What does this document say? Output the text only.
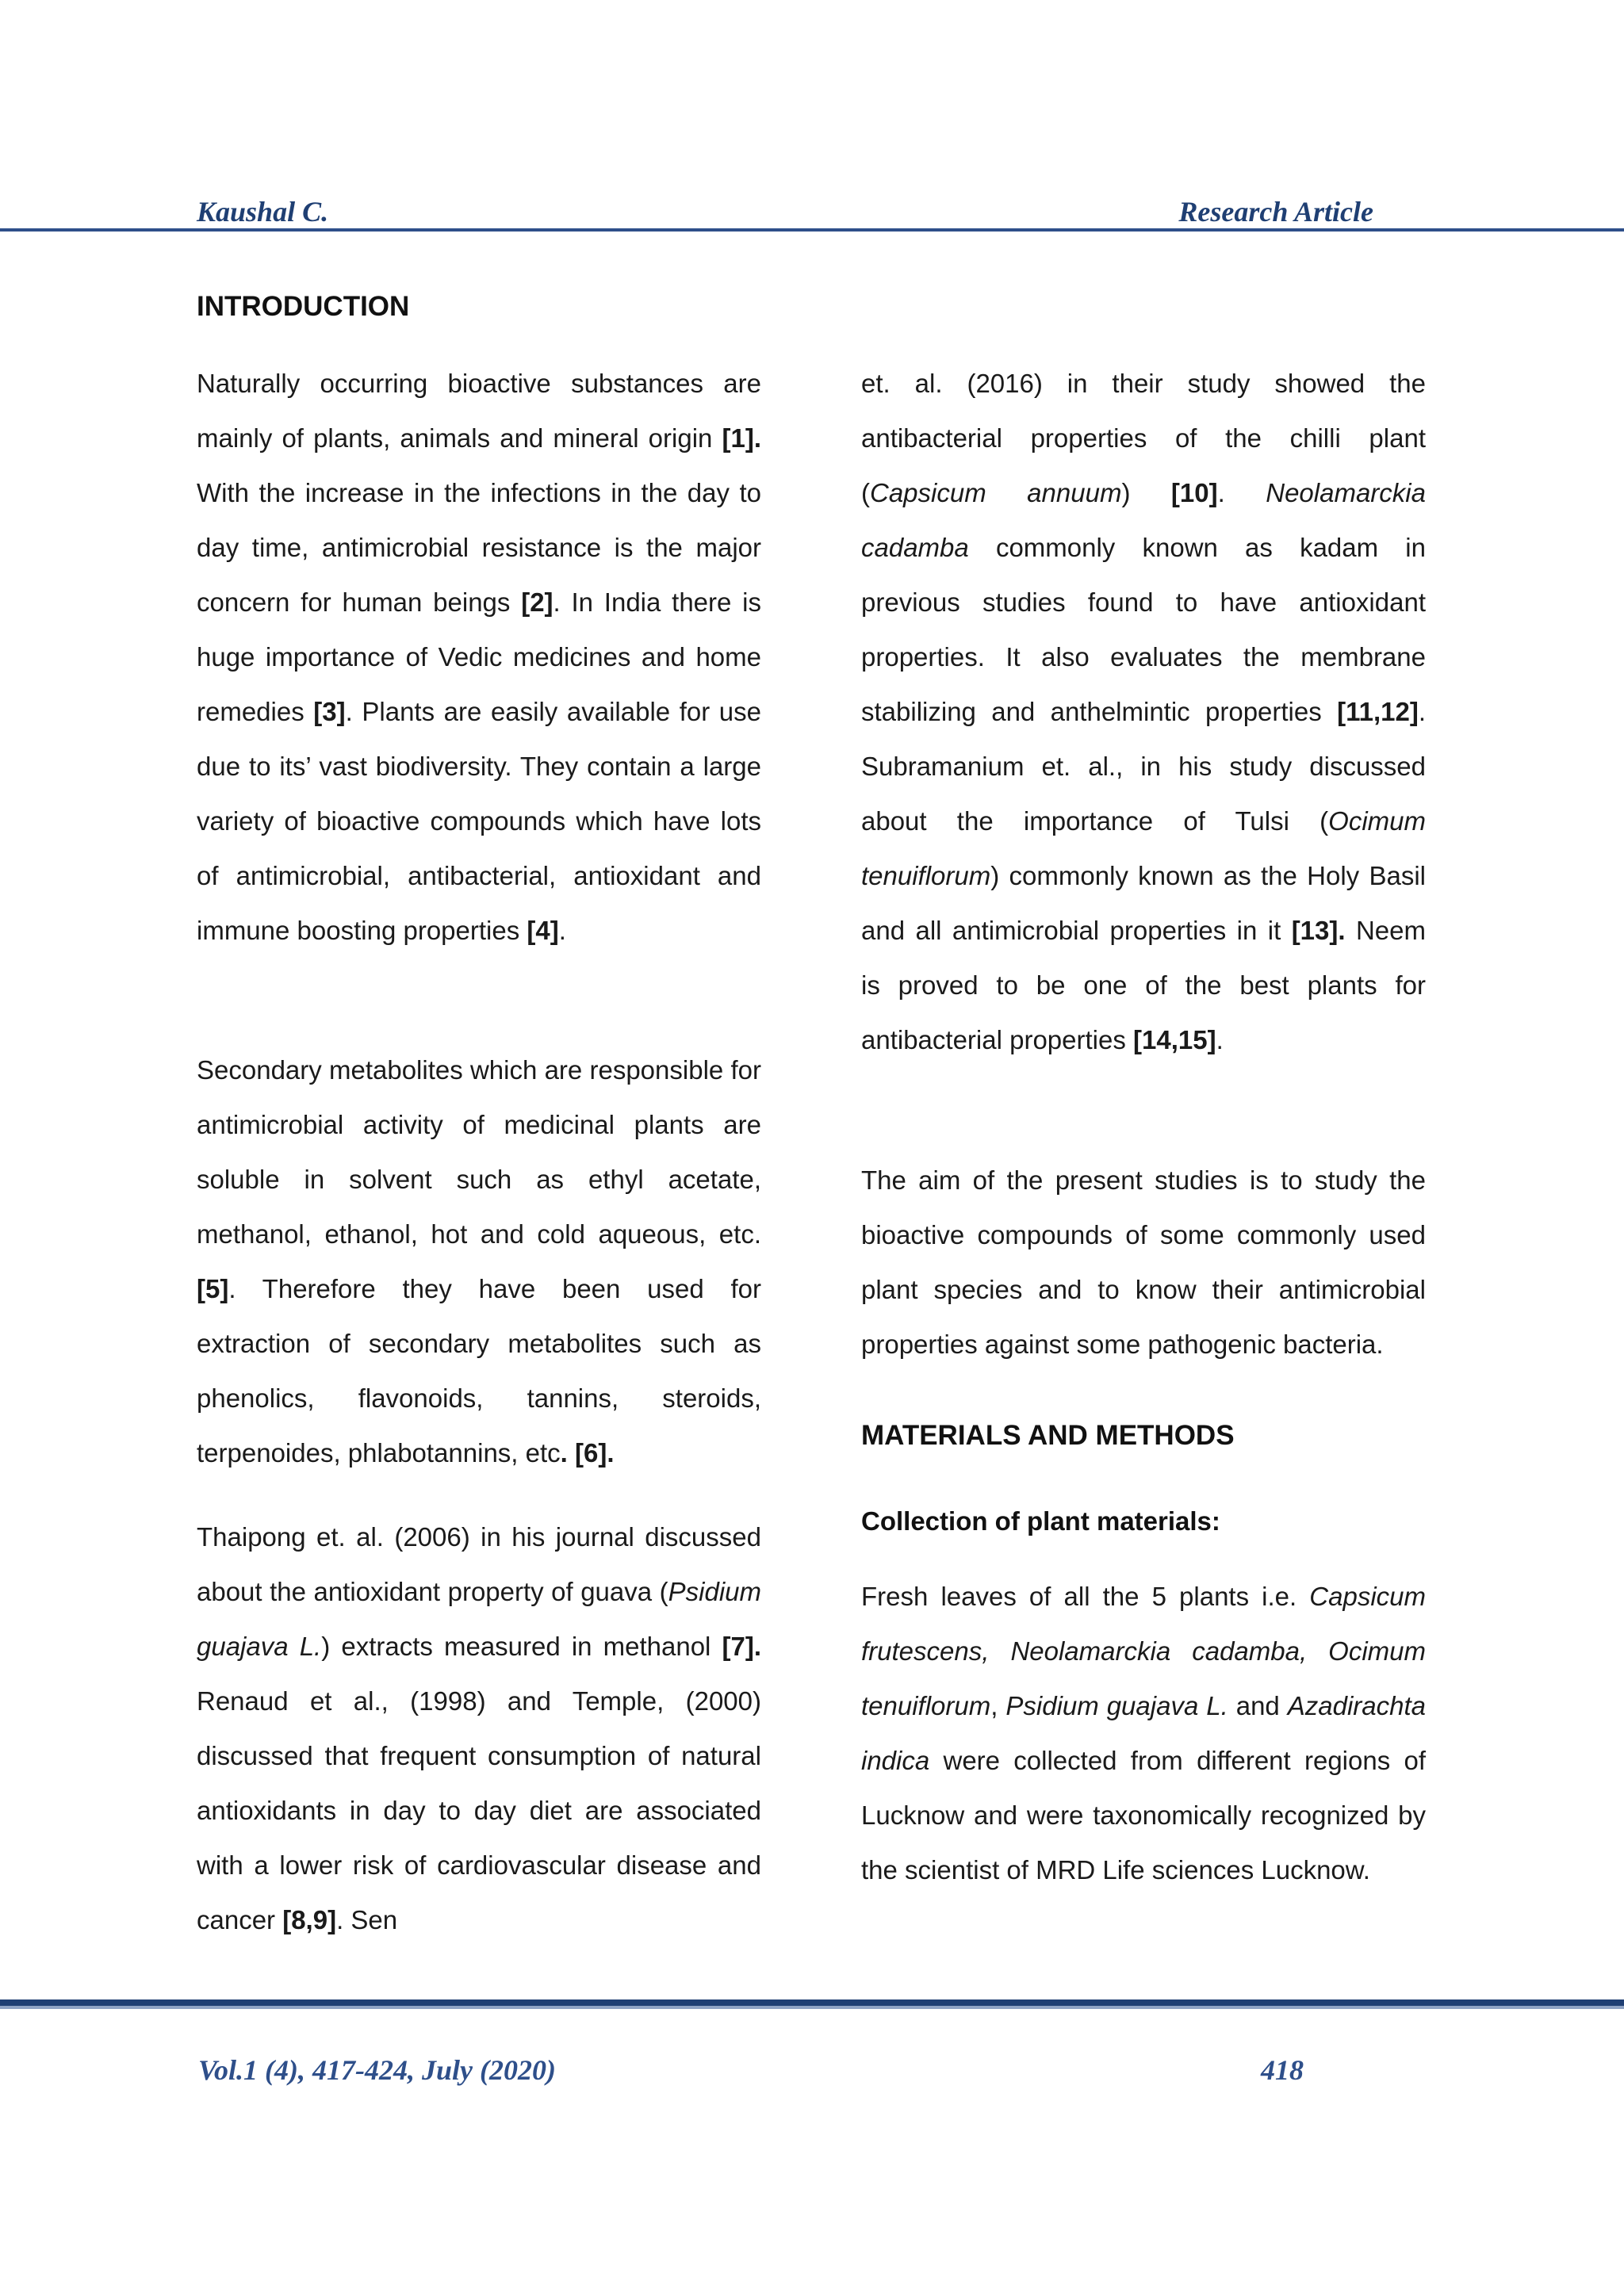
Kaushal C.	Research Article
INTRODUCTION

Naturally occurring bioactive substances are mainly of plants, animals and mineral origin [1]. With the increase in the infections in the day to day time, antimicrobial resistance is the major concern for human beings [2]. In India there is huge importance of Vedic medicines and home remedies [3]. Plants are easily available for use due to its’ vast biodiversity. They contain a large variety of bioactive compounds which have lots of antimicrobial, antibacterial, antioxidant and immune boosting properties [4].

Secondary metabolites which are responsible for antimicrobial activity of medicinal plants are soluble in solvent such as ethyl acetate, methanol, ethanol, hot and cold aqueous, etc. [5]. Therefore they have been used for extraction of secondary metabolites such as phenolics, flavonoids, tannins, steroids, terpenoides, phlabotannins, etc. [6].

Thaipong et. al. (2006) in his journal discussed about the antioxidant property of guava (Psidium guajava L.) extracts measured in methanol [7]. Renaud et al., (1998) and Temple, (2000) discussed that frequent consumption of natural antioxidants in day to day diet are associated with a lower risk of cardiovascular disease and cancer [8,9]. Sen

et. al. (2016) in their study showed the antibacterial properties of the chilli plant (Capsicum annuum) [10]. Neolamarckia cadamba commonly known as kadam in previous studies found to have antioxidant properties. It also evaluates the membrane stabilizing and anthelmintic properties [11,12]. Subramanium et. al., in his study discussed about the importance of Tulsi (Ocimum tenuiflorum) commonly known as the Holy Basil and all antimicrobial properties in it [13]. Neem is proved to be one of the best plants for antibacterial properties [14,15].

The aim of the present studies is to study the bioactive compounds of some commonly used plant species and to know their antimicrobial properties against some pathogenic bacteria.

MATERIALS AND METHODS
Collection of plant materials:

Fresh leaves of all the 5 plants i.e. Capsicum frutescens, Neolamarckia cadamba, Ocimum tenuiflorum, Psidium guajava L. and Azadirachta indica were collected from different regions of Lucknow and were taxonomically recognized by the scientist of MRD Life sciences Lucknow.

Vol.1 (4), 417-424, July (2020)	418
